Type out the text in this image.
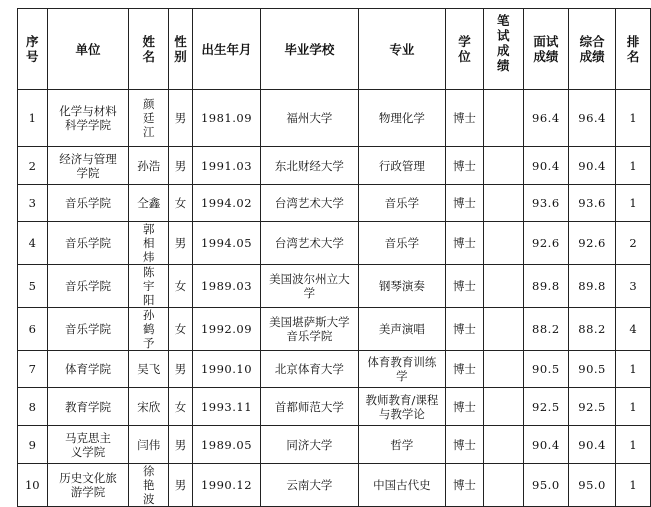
序号	单位	姓名	性别	出生年月	毕业学校	专业	学位	笔试成绩	面试成绩	综合成绩	排名
1	化学与材料科学学院	颜廷江	男	1981.09	福州大学	物理化学	博士		96.4	96.4	1
2	经济与管理学院	孙浩	男	1991.03	东北财经大学	行政管理	博士		90.4	90.4	1
3	音乐学院	仝鑫	女	1994.02	台湾艺术大学	音乐学	博士		93.6	93.6	1
4	音乐学院	郭相炜	男	1994.05	台湾艺术大学	音乐学	博士		92.6	92.6	2
5	音乐学院	陈宇阳	女	1989.03	美国波尔州立大学	钢琴演奏	博士		89.8	89.8	3
6	音乐学院	孙鹤予	女	1992.09	美国堪萨斯大学音乐学院	美声演唱	博士		88.2	88.2	4
7	体育学院	吴飞	男	1990.10	北京体育大学	体育教育训练学	博士		90.5	90.5	1
8	教育学院	宋欣	女	1993.11	首都师范大学	教师教育/课程与教学论	博士		92.5	92.5	1
9	马克思主义学院	闫伟	男	1989.05	同济大学	哲学	博士		90.4	90.4	1
10	历史文化旅游学院	徐艳波	男	1990.12	云南大学	中国古代史	博士		95.0	95.0	1
